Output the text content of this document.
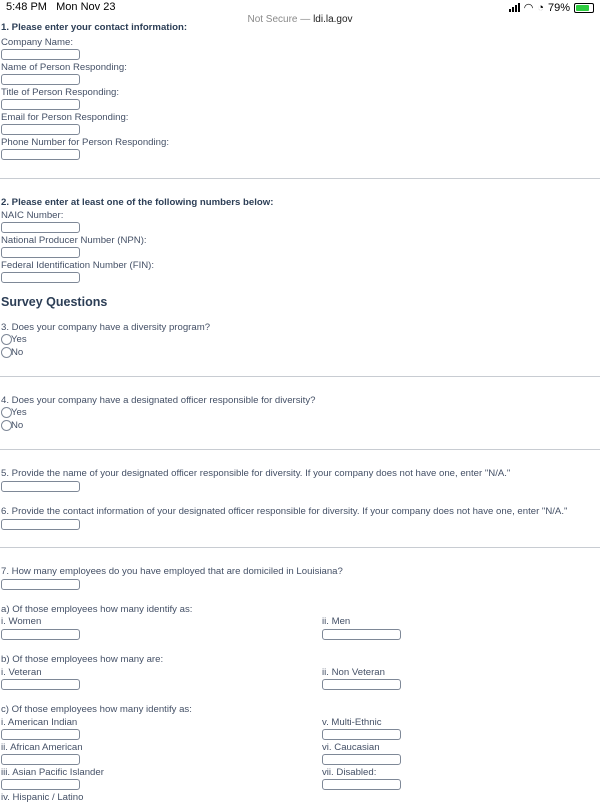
5:48 PM Mon Nov 23	◠ ◔ 79%
Not Secure — ldi.la.gov
1. Please enter your contact information:
Company Name:
Name of Person Responding:
Title of Person Responding:
Email for Person Responding:
Phone Number for Person Responding:
2. Please enter at least one of the following numbers below:
NAIC Number:
National Producer Number (NPN):
Federal Identification Number (FIN):
Survey Questions
3. Does your company have a diversity program?
Yes
No
4. Does your company have a designated officer responsible for diversity?
Yes
No
5. Provide the name of your designated officer responsible for diversity. If your company does not have one, enter "N/A."
6. Provide the contact information of your designated officer responsible for diversity. If your company does not have one, enter "N/A."
7. How many employees do you have employed that are domiciled in Louisiana?
a) Of those employees how many identify as:
i. Women	ii. Men
b) Of those employees how many are:
i. Veteran	ii. Non Veteran
c) Of those employees how many identify as:
i. American Indian
ii. African American
iii. Asian Pacific Islander
iv. Hispanic / Latino
v. Multi-Ethnic
vi. Caucasian
vii. Disabled:
